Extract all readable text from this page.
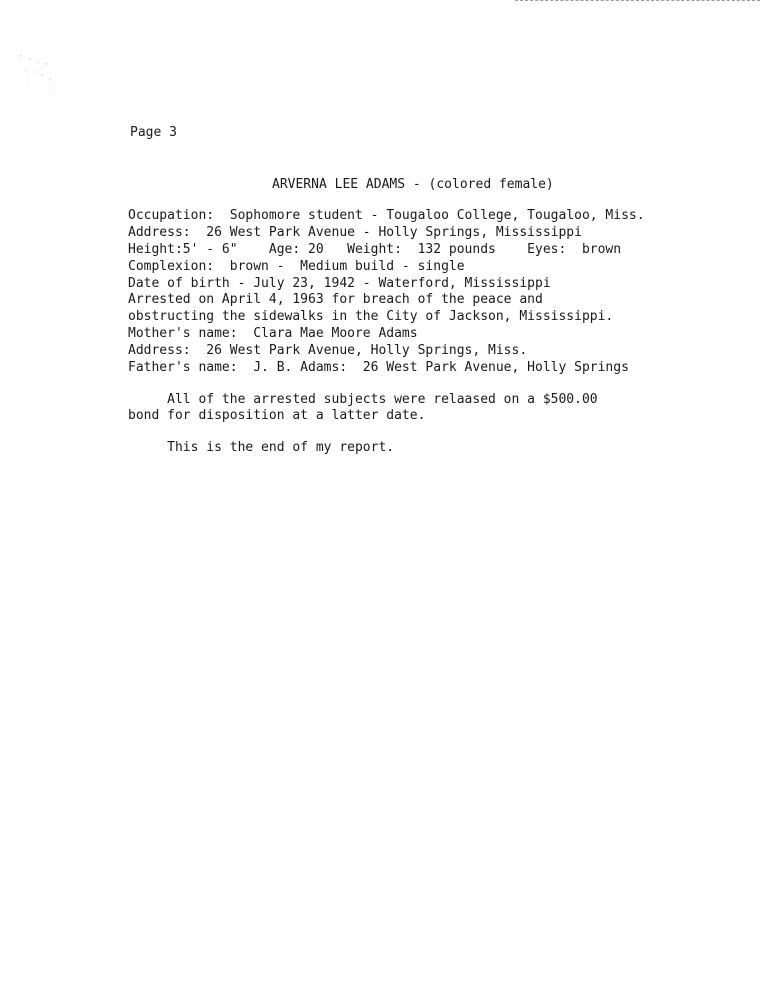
Page 3
ARVERNA LEE ADAMS - (colored female)
Occupation:  Sophomore student - Tougaloo College, Tougaloo, Miss.
Address:  26 West Park Avenue - Holly Springs, Mississippi
Height:5' - 6"    Age: 20   Weight:  132 pounds    Eyes:  brown
Complexion:  brown -  Medium build - single
Date of birth - July 23, 1942 - Waterford, Mississippi
Arrested on April 4, 1963 for breach of the peace and
obstructing the sidewalks in the City of Jackson, Mississippi.
Mother's name:  Clara Mae Moore Adams
Address:  26 West Park Avenue, Holly Springs, Miss.
Father's name:  J. B. Adams:  26 West Park Avenue, Holly Springs

All of the arrested subjects were relaased on a $500.00
bond for disposition at a latter date.

This is the end of my report.
